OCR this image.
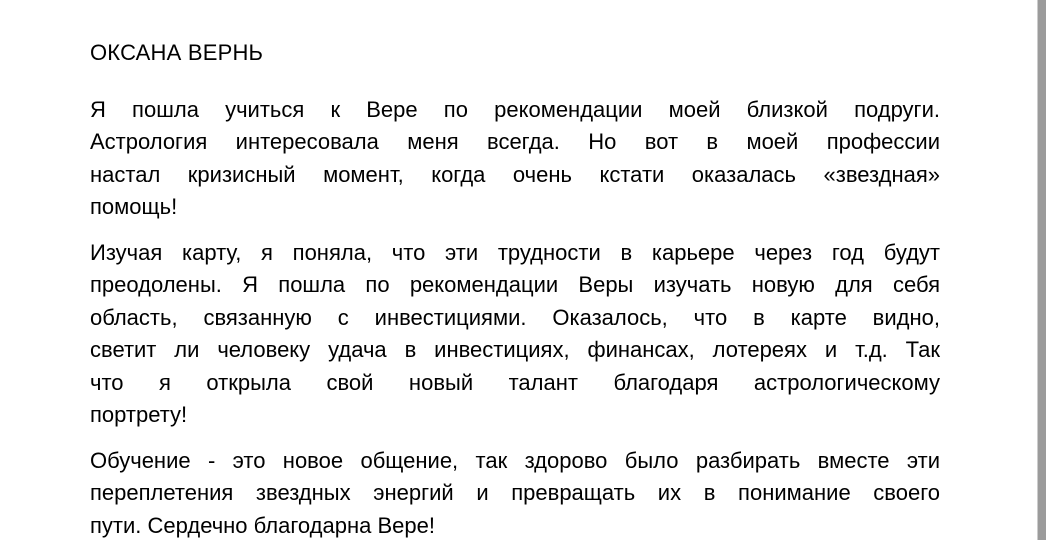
ОКСАНА ВЕРНЬ
Я пошла учиться к Вере по рекомендации моей близкой подруги.
Астрология интересовала меня всегда. Но вот в моей профессии
настал кризисный момент, когда очень кстати оказалась «звездная»
помощь!
Изучая карту, я поняла, что эти трудности в карьере через год будут
преодолены. Я пошла по рекомендации Веры изучать новую для себя
область, связанную с инвестициями. Оказалось, что в карте видно,
светит ли человеку удача в инвестициях, финансах, лотереях и т.д. Так
что я открыла свой новый талант благодаря астрологическому
портрету!
Обучение - это новое общение, так здорово было разбирать вместе эти
переплетения звездных энергий и превращать их в понимание своего
пути. Сердечно благодарна Вере!
